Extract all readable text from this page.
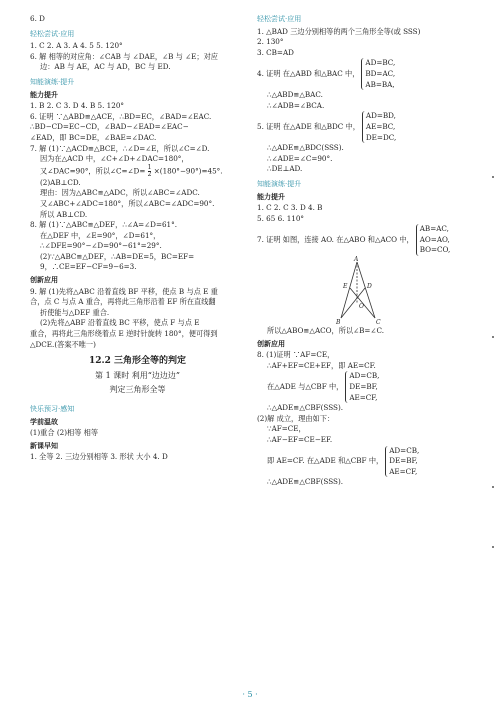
6. D
轻松尝试·应用
1. C 2. A 3. A 4. 5 5. 120°
6. 解 相等的对应角：∠CAB 与 ∠DAE，∠B 与 ∠E；对应
边：AB 与 AE，AC 与 AD，BC 与 ED.
知能演练·提升
能力提升
1. B 2. C 3. D 4. B 5. 120°
6. 证明 ∵△ABD≌△ACE，∴BD=EC，∠BAD=∠EAC.
∴BD−CD=EC−CD，∠BAD−∠EAD=∠EAC−
∠EAD，即 BC=DE，∠BAE=∠DAC.
7. 解 (1)∵△ACD≌△BCE，∴∠D=∠E，所以∠C=∠D.
因为在△ACD 中，∠C+∠D+∠DAC=180°，
又∠DAC=90°，所以∠C=∠D= $\frac{1}{2} \times(180^\circ-90^\circ)=45^\circ$.
(2)AB⊥CD.
理由：因为△ABC≌△ADC，所以∠ABC=∠ADC.
又∠ABC+∠ADC=180°，所以∠ABC=∠ADC=90°.
所以 AB⊥CD.
8. 解 (1)∵△ABC≌△DEF，∴∠A=∠D=61°.
在△DEF 中，∠E=90°，∠D=61°，
∴∠DFE=90°−∠D=90°−61°=29°.
(2)∵△ABC≌△DEF，∴AB=DE=5，BC=EF=
9，∴CE=EF−CF=9−6=3.
创新应用
9. 解 (1)先将△ABC 沿着直线 BF 平移，使点 B 与点 E 重
合，点 C 与点 A 重合，再将此三角形沿着 EF 所在直线翻
折使能与△DEF 重合.
(2)先将△ABF 沿着直线 BC 平移，使点 F 与点 E
重合，再将此三角形绕着点 E 逆时针旋转 180°，便可得到
△DCE.(答案不唯一)
12.2 三角形全等的判定
第 1 课时 利用“边边边”
判定三角形全等
快乐预习·感知
学前温故
(1)重合 (2)相等 相等
新课早知
1. 全等 2. 三边分别相等 3. 形状 大小 4. D
轻松尝试·应用
1. △BAD 三边分别相等的两个三角形全等(或 SSS)
2. 130°
3. CB=AD
4. 证明 在△ABD 和△BAC 中，
AD=BC,
BD=AC,
AB=BA,
∴△ABD≌△BAC.
∴∠ADB=∠BCA.
5. 证明 在△ADE 和△BDC 中，
AD=BD,
AE=BC,
DE=DC,
∴△ADE≌△BDC(SSS).
∴∠ADE=∠C=90°.
∴DE⊥AD.
知能演练·提升
能力提升
1. C 2. C 3. D 4. B
5. 65 6. 110°
7. 证明 如图，连接 AO. 在△ABO 和△ACO 中，
AB=AC,
AO=AO,
BO=CO,
A
B	C
D
E
O
所以△ABO≌△ACO，所以∠B=∠C.
创新应用
8. (1)证明 ∵AF=CE，
∴AF+EF=CE+EF，即 AE=CF.
在△ADE 与△CBF 中，
AD=CB,
DE=BF,
AE=CF,
∴△ADE≌△CBF(SSS).
(2)解 成立，理由如下：
∵AF=CE，
∴AF−EF=CE−EF.
即 AE=CF. 在△ADE 和△CBF 中，
AD=CB,
DE=BF,
AE=CF,
∴△ADE≌△CBF(SSS).
· 5 ·
